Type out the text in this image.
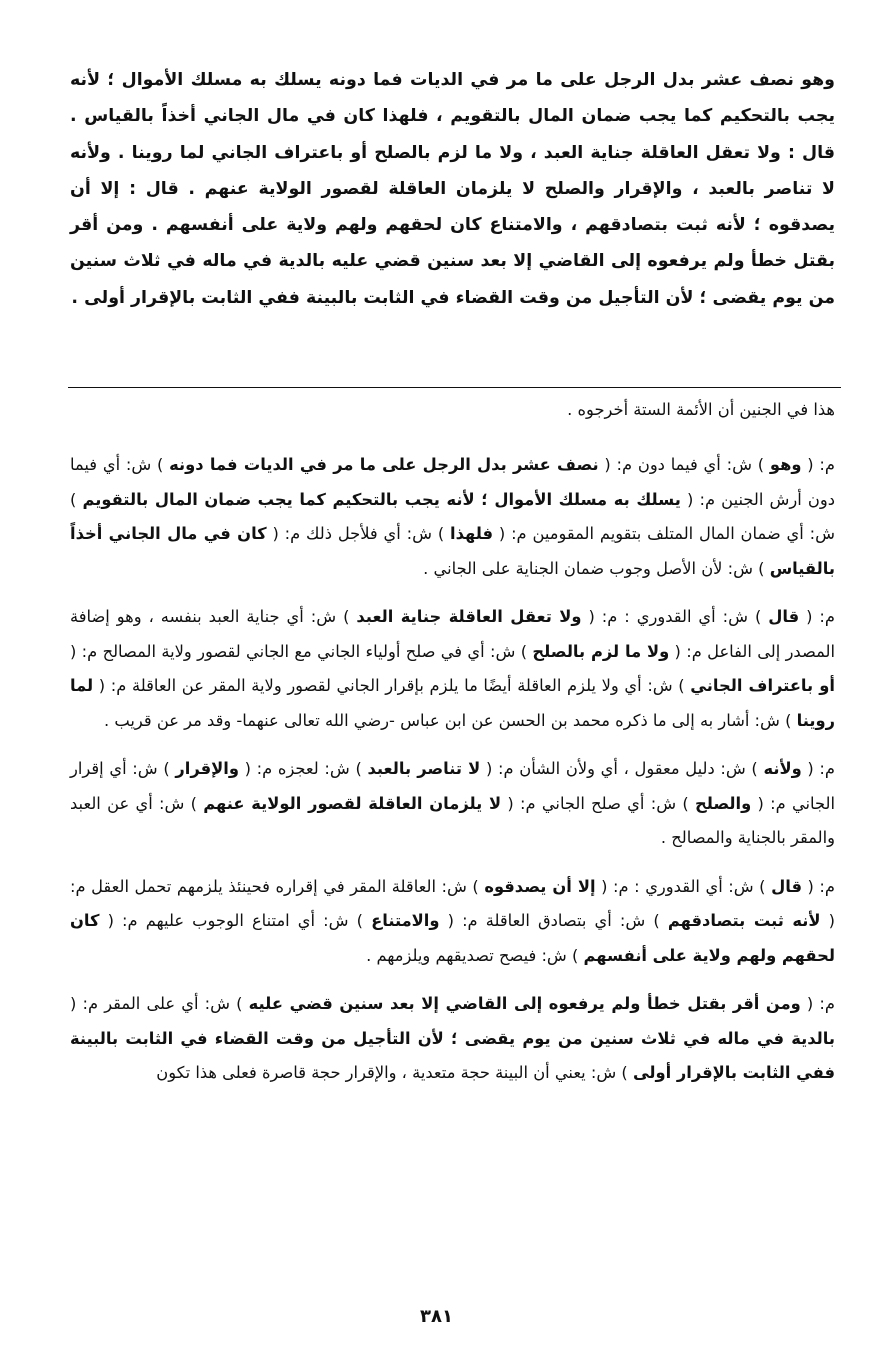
وهو نصف عشر بدل الرجل على ما مر في الديات فما دونه يسلك به مسلك الأموال ؛ لأنه يجب بالتحكيم كما يجب ضمان المال بالتقويم ، فلهذا كان في مال الجاني أخذاً بالقياس . قال : ولا تعقل العاقلة جناية العبد ، ولا ما لزم بالصلح أو باعتراف الجاني لما روينا . ولأنه لا تناصر بالعبد ، والإقرار والصلح لا يلزمان العاقلة لقصور الولاية عنهم . قال : إلا أن يصدقوه ؛ لأنه ثبت بتصادقهم ، والامتناع كان لحقهم ولهم ولاية على أنفسهم . ومن أقر بقتل خطأ ولم يرفعوه إلى القاضي إلا بعد سنين قضي عليه بالدية في ماله في ثلاث سنين من يوم يقضى ؛ لأن التأجيل من وقت القضاء في الثابت بالبينة ففي الثابت بالإقرار أولى .

هذا في الجنين أن الأئمة الستة أخرجوه .

م: ( وهو ) ش: أي فيما دون م: ( نصف عشر بدل الرجل على ما مر في الديات فما دونه ) ش: أي فيما دون أرش الجنين م: ( يسلك به مسلك الأموال ؛ لأنه يجب بالتحكيم كما يجب ضمان المال بالتقويم ) ش: أي ضمان المال المتلف بتقويم المقومين م: ( فلهذا ) ش: أي فلأجل ذلك م: ( كان في مال الجاني أخذاً بالقياس ) ش: لأن الأصل وجوب ضمان الجناية على الجاني .

م: ( قال ) ش: أي القدوري : م: ( ولا تعقل العاقلة جناية العبد ) ش: أي جناية العبد بنفسه ، وهو إضافة المصدر إلى الفاعل م: ( ولا ما لزم بالصلح ) ش: أي في صلح أولياء الجاني مع الجاني لقصور ولاية المصالح م: ( أو باعتراف الجاني ) ش: أي ولا يلزم العاقلة أيضًا ما يلزم بإقرار الجاني لقصور ولاية المقر عن العاقلة م: ( لما روينا ) ش: أشار به إلى ما ذكره محمد بن الحسن عن ابن عباس -رضي الله تعالى عنهما- وقد مر عن قريب .

م: ( ولأنه ) ش: دليل معقول ، أي ولأن الشأن م: ( لا تناصر بالعبد ) ش: لعجزه م: ( والإقرار ) ش: أي إقرار الجاني م: ( والصلح ) ش: أي صلح الجاني م: ( لا يلزمان العاقلة لقصور الولاية عنهم ) ش: أي عن العبد والمقر بالجناية والمصالح .

م: ( قال ) ش: أي القدوري : م: ( إلا أن يصدقوه ) ش: العاقلة المقر في إقراره فحينئذ يلزمهم تحمل العقل م: ( لأنه ثبت بتصادقهم ) ش: أي بتصادق العاقلة م: ( والامتناع ) ش: أي امتناع الوجوب عليهم م: ( كان لحقهم ولهم ولاية على أنفسهم ) ش: فيصح تصديقهم ويلزمهم .

م: ( ومن أقر بقتل خطأ ولم يرفعوه إلى القاضي إلا بعد سنين قضي عليه ) ش: أي على المقر م: ( بالدية في ماله في ثلاث سنين من يوم يقضى ؛ لأن التأجيل من وقت القضاء في الثابت بالبينة ففي الثابت بالإقرار أولى ) ش: يعني أن البينة حجة متعدية ، والإقرار حجة قاصرة فعلى هذا تكون

٣٨١
